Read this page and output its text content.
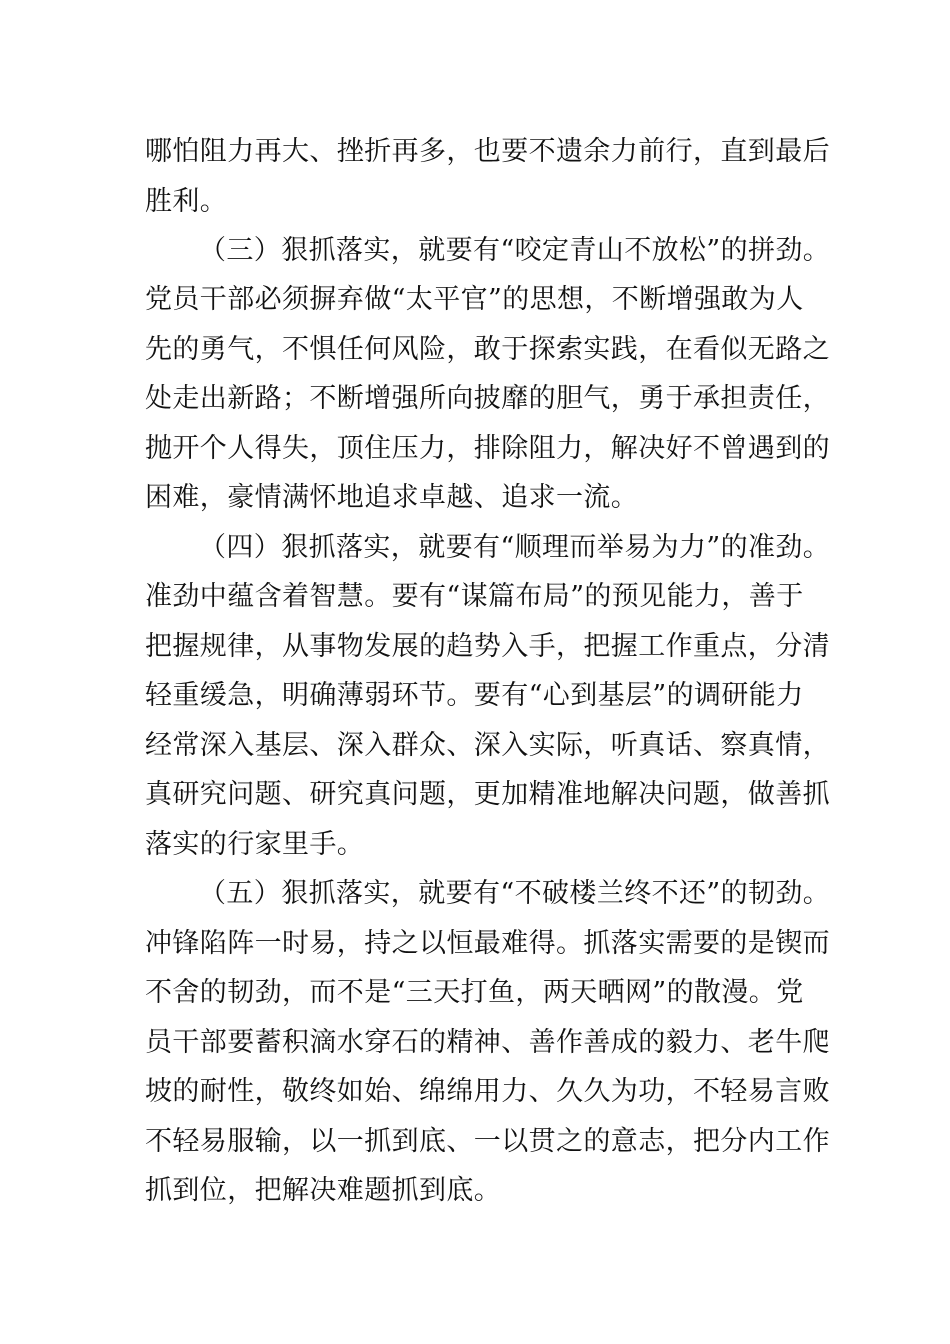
哪怕阻力再大、挫折再多，也要不遗余力前行，直到最后
胜利。
（三）狠抓落实，就要有“咬定青山不放松”的拼劲。
党员干部必须摒弃做“太平官”的思想，不断增强敢为人
先的勇气，不惧任何风险，敢于探索实践，在看似无路之
处走出新路；不断增强所向披靡的胆气，勇于承担责任，
抛开个人得失，顶住压力，排除阻力，解决好不曾遇到的
困难，豪情满怀地追求卓越、追求一流。
（四）狠抓落实，就要有“顺理而举易为力”的准劲。
准劲中蕴含着智慧。要有“谋篇布局”的预见能力，善于
把握规律，从事物发展的趋势入手，把握工作重点，分清
轻重缓急，明确薄弱环节。要有“心到基层”的调研能力
经常深入基层、深入群众、深入实际，听真话、察真情，
真研究问题、研究真问题，更加精准地解决问题，做善抓
落实的行家里手。
（五）狠抓落实，就要有“不破楼兰终不还”的韧劲。
冲锋陷阵一时易，持之以恒最难得。抓落实需要的是锲而
不舍的韧劲，而不是“三天打鱼，两天晒网”的散漫。党
员干部要蓄积滴水穿石的精神、善作善成的毅力、老牛爬
坡的耐性，敬终如始、绵绵用力、久久为功，不轻易言败
不轻易服输，以一抓到底、一以贯之的意志，把分内工作
抓到位，把解决难题抓到底。
